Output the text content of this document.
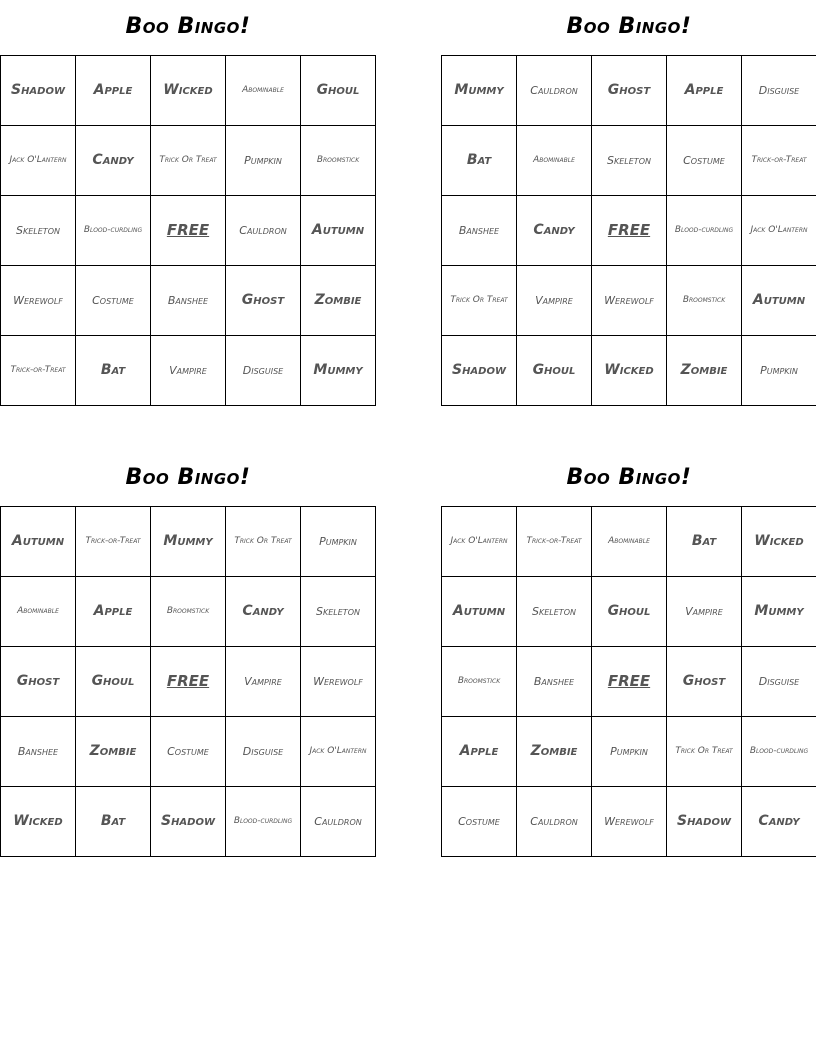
Boo Bingo!
Shadow	Apple	Wicked	Abominable	Ghoul
Jack O'Lantern	Candy	Trick Or Treat	Pumpkin	Broomstick
Skeleton	Blood-curdling	FREE	Cauldron	Autumn
Werewolf	Costume	Banshee	Ghost	Zombie
Trick-or-Treat	Bat	Vampire	Disguise	Mummy
Boo Bingo!
Mummy	Cauldron	Ghost	Apple	Disguise
Bat	Abominable	Skeleton	Costume	Trick-or-Treat
Banshee	Candy	FREE	Blood-curdling	Jack O'Lantern
Trick Or Treat	Vampire	Werewolf	Broomstick	Autumn
Shadow	Ghoul	Wicked	Zombie	Pumpkin
Boo Bingo!
Autumn	Trick-or-Treat	Mummy	Trick Or Treat	Pumpkin
Abominable	Apple	Broomstick	Candy	Skeleton
Ghost	Ghoul	FREE	Vampire	Werewolf
Banshee	Zombie	Costume	Disguise	Jack O'Lantern
Wicked	Bat	Shadow	Blood-curdling	Cauldron
Boo Bingo!
Jack O'Lantern	Trick-or-Treat	Abominable	Bat	Wicked
Autumn	Skeleton	Ghoul	Vampire	Mummy
Broomstick	Banshee	FREE	Ghost	Disguise
Apple	Zombie	Pumpkin	Trick Or Treat	Blood-curdling
Costume	Cauldron	Werewolf	Shadow	Candy
